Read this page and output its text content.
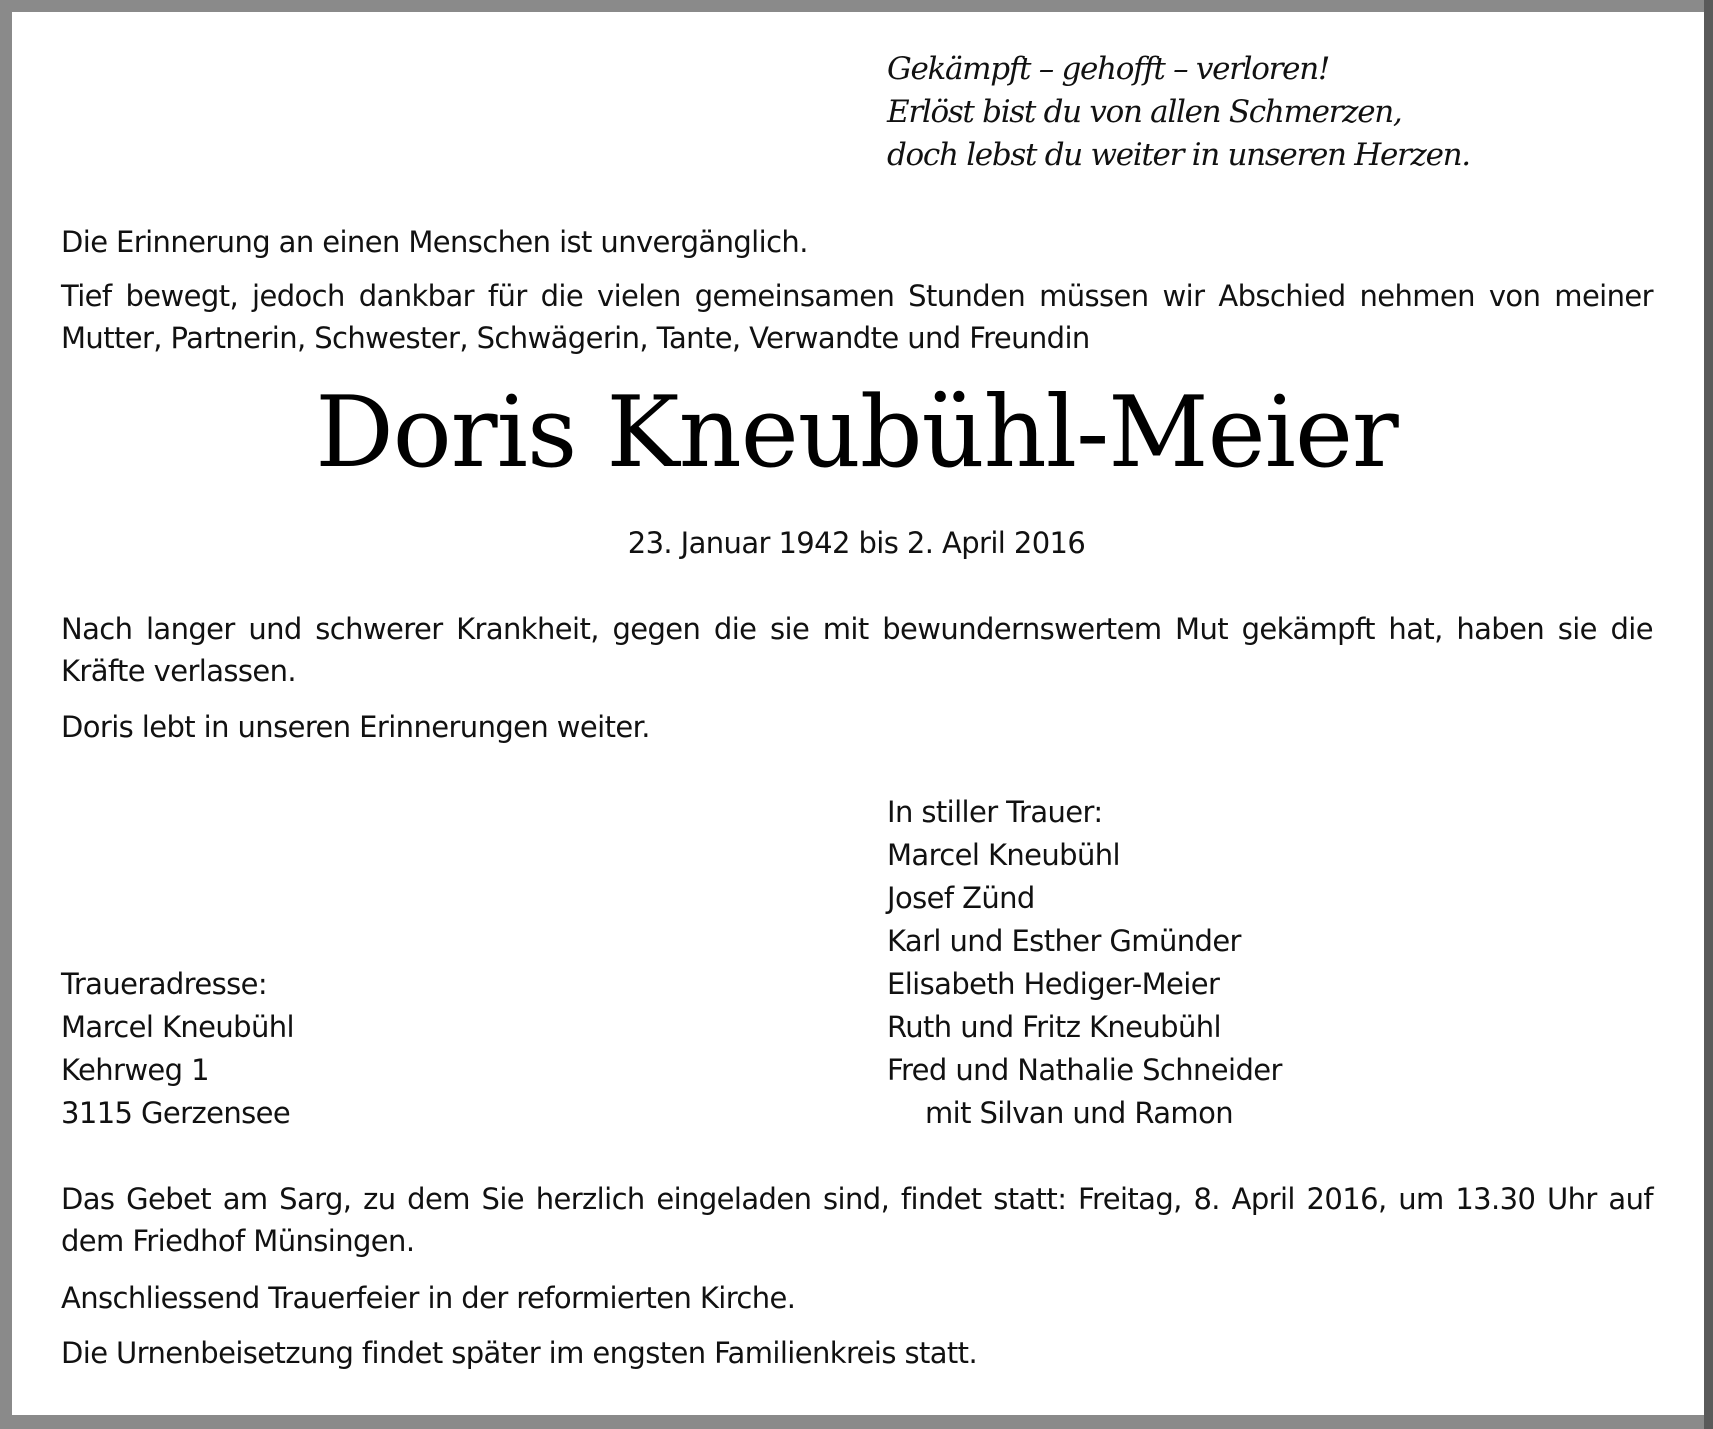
Gekämpft – gehofft – verloren!
Erlöst bist du von allen Schmerzen,
doch lebst du weiter in unseren Herzen.

Die Erinnerung an einen Menschen ist unvergänglich.

Tief bewegt, jedoch dankbar für die vielen gemeinsamen Stunden müssen wir Abschied nehmen von meiner Mutter, Partnerin, Schwester, Schwägerin, Tante, Verwandte und Freundin

Doris Kneubühl-Meier
23. Januar 1942 bis 2. April 2016

Nach langer und schwerer Krankheit, gegen die sie mit bewundernswertem Mut gekämpft hat, haben sie die Kräfte verlassen.

Doris lebt in unseren Erinnerungen weiter.

In stiller Trauer:
Marcel Kneubühl
Josef Zünd
Karl und Esther Gmünder
Elisabeth Hediger-Meier
Ruth und Fritz Kneubühl
Fred und Nathalie Schneider
mit Silvan und Ramon
Traueradresse:
Marcel Kneubühl
Kehrweg 1
3115 Gerzensee

Das Gebet am Sarg, zu dem Sie herzlich eingeladen sind, findet statt: Freitag, 8. April 2016, um 13.30 Uhr auf dem Friedhof Münsingen.

Anschliessend Trauerfeier in der reformierten Kirche.

Die Urnenbeisetzung findet später im engsten Familienkreis statt.
